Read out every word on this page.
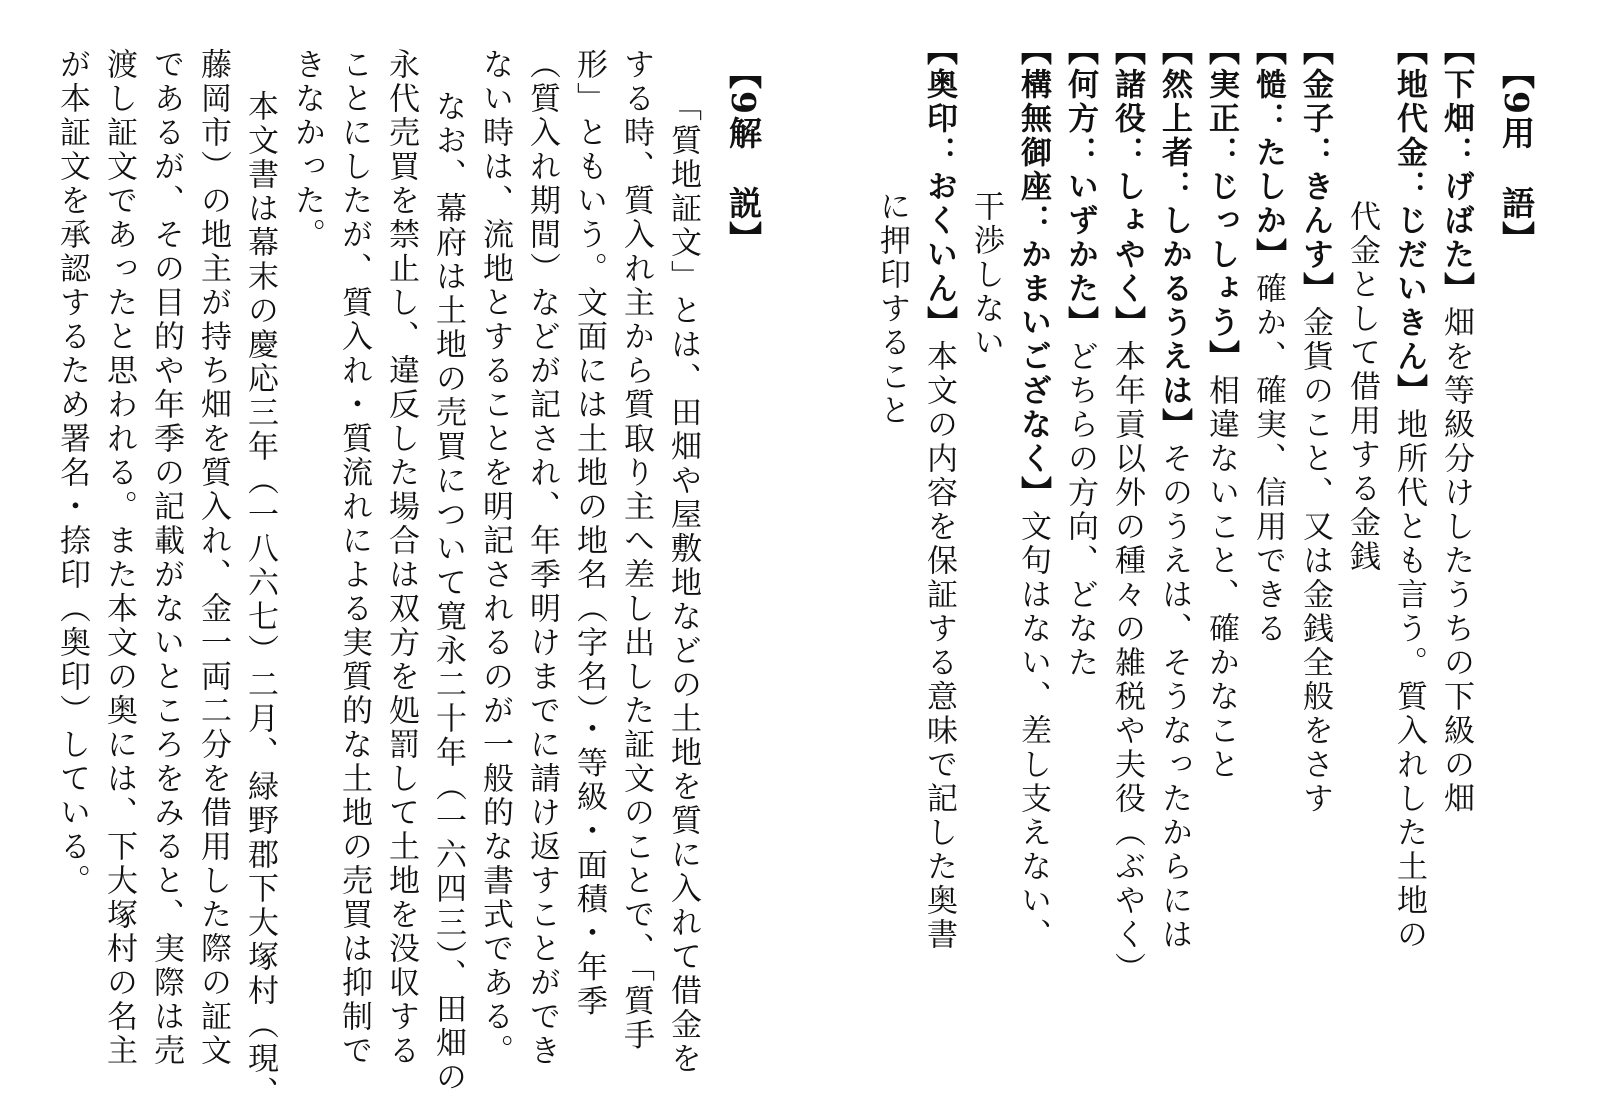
【9用　語】
【下畑：げばた】畑を等級分けしたうちの下級の畑
【地代金：じだいきん】地所代とも言う。質入れした土地の
代金として借用する金銭
【金子：きんす】金貨のこと、又は金銭全般をさす
【慥：たしか】確か、確実、信用できる
【実正：じっしょう】相違ないこと、確かなこと
【然上者：しかるうえは】そのうえは、そうなったからには
【諸役：しょやく】本年貢以外の種々の雑税や夫役（ぶやく）
【何方：いずかた】どちらの方向、どなた
【構無御座：かまいござなく】文句はない、差し支えない、
干渉しない
【奥印：おくいん】本文の内容を保証する意味で記した奥書
に押印すること
【9解　説】
「質地証文」とは、田畑や屋敷地などの土地を質に入れて借金を
する時、質入れ主から質取り主へ差し出した証文のことで、「質手
形」ともいう。文面には土地の地名（字名）・等級・面積・年季
（質入れ期間）などが記され、年季明けまでに請け返すことができ
ない時は、流地とすることを明記されるのが一般的な書式である。
なお、幕府は土地の売買について寛永二十年（一六四三）、田畑の
永代売買を禁止し、違反した場合は双方を処罰して土地を没収する
ことにしたが、質入れ・質流れによる実質的な土地の売買は抑制で
きなかった。
本文書は幕末の慶応三年（一八六七）二月、緑野郡下大塚村（現、
藤岡市）の地主が持ち畑を質入れ、金一両二分を借用した際の証文
であるが、その目的や年季の記載がないところをみると、実際は売
渡し証文であったと思われる。また本文の奥には、下大塚村の名主
が本証文を承認するため署名・捺印（奥印）している。
